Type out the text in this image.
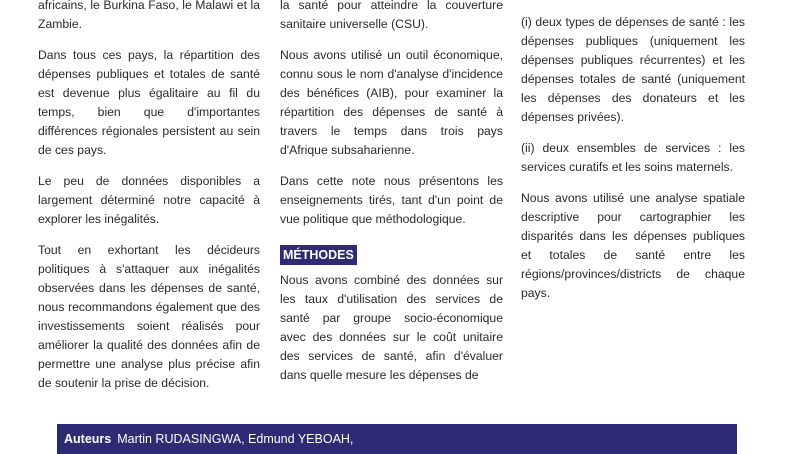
africains, le Burkina Faso, le Malawi et la Zambie.

Dans tous ces pays, la répartition des dépenses publiques et totales de santé est devenue plus égalitaire au fil du temps, bien que d'importantes différences régionales persistent au sein de ces pays.

Le peu de données disponibles a largement déterminé notre capacité à explorer les inégalités.

Tout en exhortant les décideurs politiques à s'attaquer aux inégalités observées dans les dépenses de santé, nous recommandons également que des investissements soient réalisés pour améliorer la qualité des données afin de permettre une analyse plus précise afin de soutenir la prise de décision.

la santé pour atteindre la couverture sanitaire universelle (CSU).

Nous avons utilisé un outil économique, connu sous le nom d'analyse d'incidence des bénéfices (AIB), pour examiner la répartition des dépenses de santé à travers le temps dans trois pays d'Afrique subsaharienne.

Dans cette note nous présentons les enseignements tirés, tant d'un point de vue politique que méthodologique.

MÉTHODES

Nous avons combiné des données sur les taux d'utilisation des services de santé par groupe socio-économique avec des données sur le coût unitaire des services de santé, afin d'évaluer dans quelle mesure les dépenses de

(i) deux types de dépenses de santé : les dépenses publiques (uniquement les dépenses publiques récurrentes) et les dépenses totales de santé (uniquement les dépenses des donateurs et les dépenses privées).

(ii) deux ensembles de services : les services curatifs et les soins maternels.

Nous avons utilisé une analyse spatiale descriptive pour cartographier les disparités dans les dépenses publiques et totales de santé entre les régions/provinces/districts de chaque pays.

Auteurs Martin RUDASINGWA, Edmund YEBOAH,
